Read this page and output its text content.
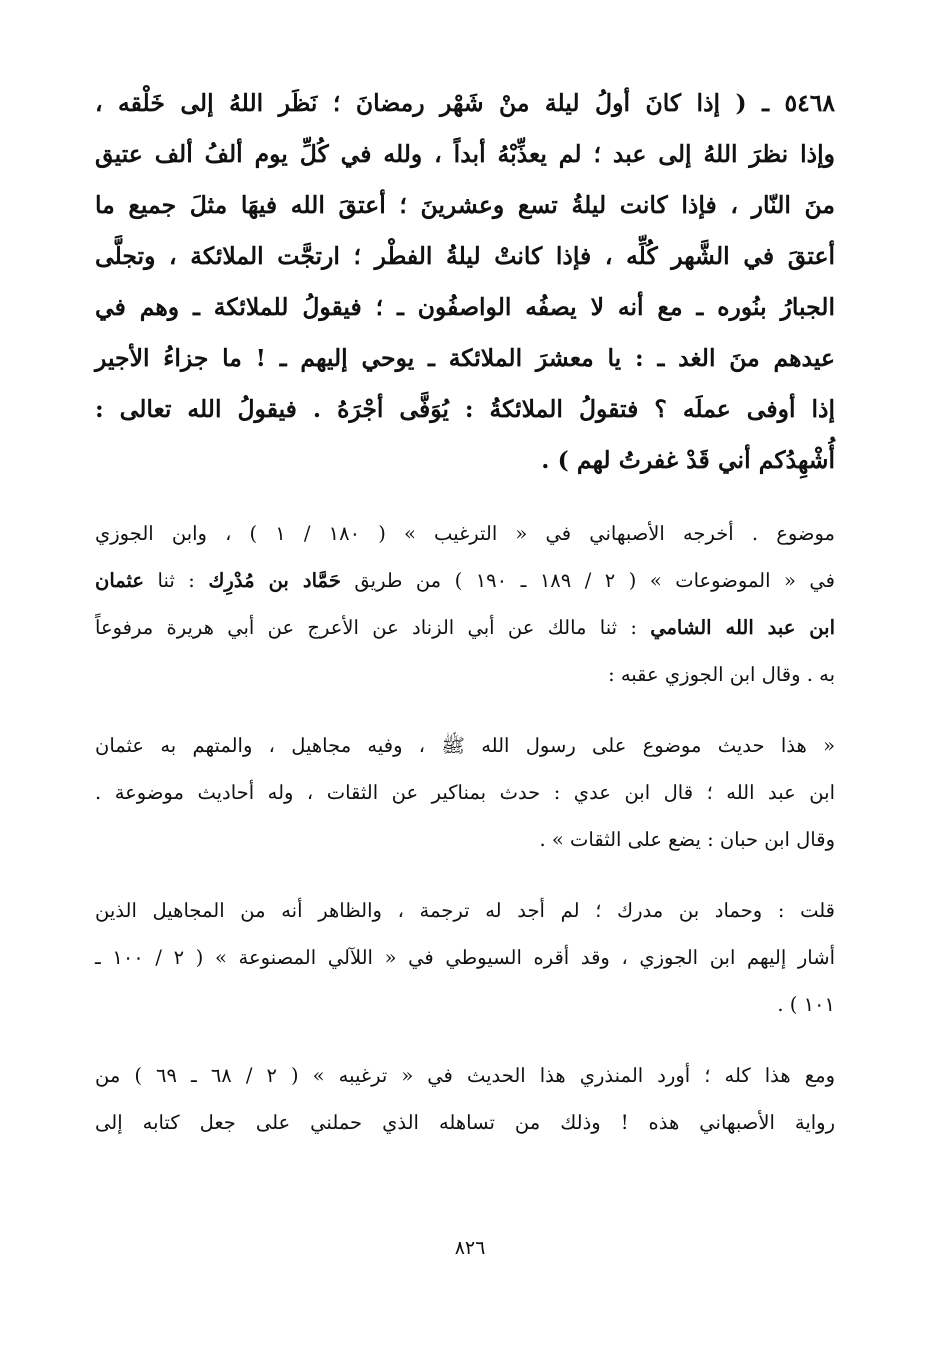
٥٤٦٨ ـ ( إذا كانَ أولُ ليلة منْ شَهْر رمضانَ ؛ نَظَر اللهُ إلى خَلْقه ،
وإذا نظرَ اللهُ إلى عبد ؛ لم يعذِّبْهُ أبداً ، ولله في كُلِّ يوم ألفُ ألف عتيق
منَ النّار ، فإذا كانت ليلةُ تسع وعشرينَ ؛ أعتقَ الله فيهَا مثلَ جميع ما
أعتقَ في الشَّهر كُلِّه ، فإذا كانتْ ليلةُ الفطْر ؛ ارتجَّت الملائكة ، وتجلَّى
الجبارُ بنُوره ـ مع أنه لا يصفُه الواصفُون ـ ؛ فيقولُ للملائكة ـ وهم في
عيدهم منَ الغد ـ : يا معشرَ الملائكة ـ يوحي إليهم ـ ! ما جزاءُ الأجير
إذا أوفى عملَه ؟ فتقولُ الملائكةُ : يُوَفَّى أجْرَهُ . فيقولُ الله تعالى :
أُشْهِدُكم أني قَدْ غفرتُ لهم ) .
موضوع . أخرجه الأصبهاني في « الترغيب » ( ١٨٠ / ١ ) ، وابن الجوزي
في « الموضوعات » ( ٢ / ١٨٩ ـ ١٩٠ ) من طريق حَمَّاد بن مُدْرِك : ثنا عثمان
ابن عبد الله الشامي : ثنا مالك عن أبي الزناد عن الأعرج عن أبي هريرة مرفوعاً
به . وقال ابن الجوزي عقبه :
« هذا حديث موضوع على رسول الله ﷺ ، وفيه مجاهيل ، والمتهم به عثمان
ابن عبد الله ؛ قال ابن عدي : حدث بمناكير عن الثقات ، وله أحاديث موضوعة .
وقال ابن حبان : يضع على الثقات » .
قلت : وحماد بن مدرك ؛ لم أجد له ترجمة ، والظاهر أنه من المجاهيل الذين
أشار إليهم ابن الجوزي ، وقد أقره السيوطي في « اللآلي المصنوعة » ( ٢ / ١٠٠ ـ
١٠١ ) .
ومع هذا كله ؛ أورد المنذري هذا الحديث في « ترغيبه » ( ٢ / ٦٨ ـ ٦٩ ) من
رواية الأصبهاني هذه ! وذلك من تساهله الذي حملني على جعل كتابه إلى
٨٢٦
